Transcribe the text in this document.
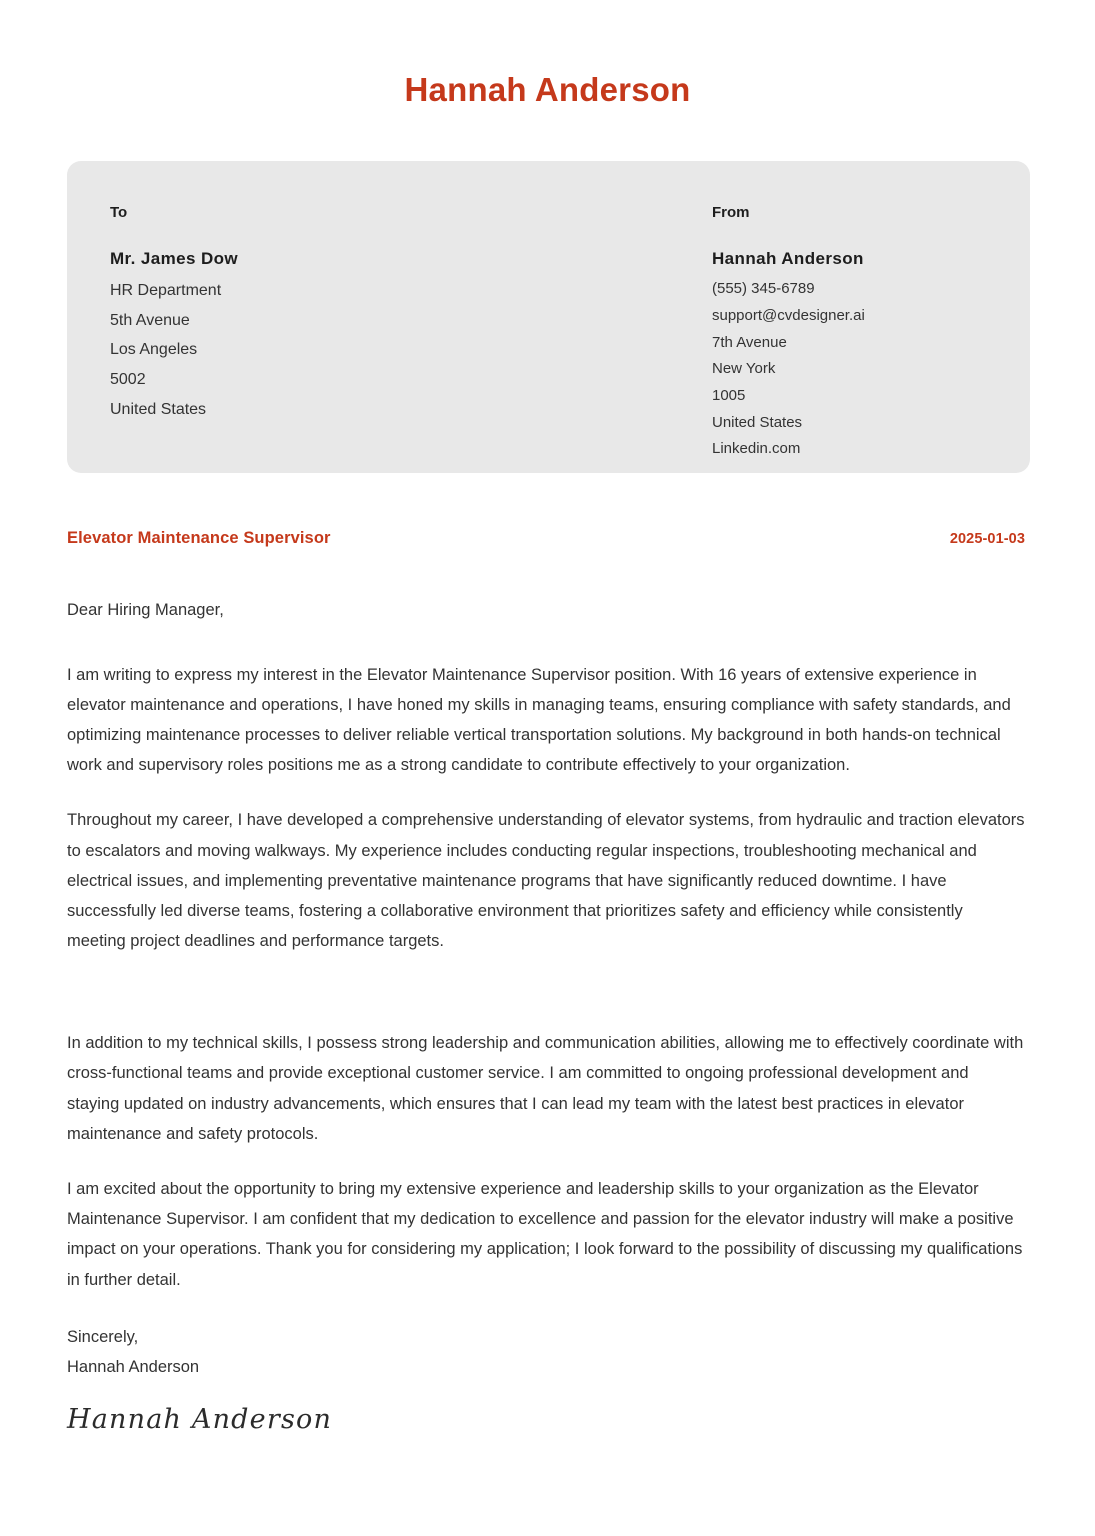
Hannah Anderson
To
Mr. James Dow
HR Department
5th Avenue
Los Angeles
5002
United States
From
Hannah Anderson
(555) 345-6789
support@cvdesigner.ai
7th Avenue
New York
1005
United States
Linkedin.com
Elevator Maintenance Supervisor	2025-01-03
Dear Hiring Manager,

I am writing to express my interest in the Elevator Maintenance Supervisor position. With 16 years of extensive experience in elevator maintenance and operations, I have honed my skills in managing teams, ensuring compliance with safety standards, and optimizing maintenance processes to deliver reliable vertical transportation solutions. My background in both hands-on technical work and supervisory roles positions me as a strong candidate to contribute effectively to your organization.

Throughout my career, I have developed a comprehensive understanding of elevator systems, from hydraulic and traction elevators to escalators and moving walkways. My experience includes conducting regular inspections, troubleshooting mechanical and electrical issues, and implementing preventative maintenance programs that have significantly reduced downtime. I have successfully led diverse teams, fostering a collaborative environment that prioritizes safety and efficiency while consistently meeting project deadlines and performance targets.

In addition to my technical skills, I possess strong leadership and communication abilities, allowing me to effectively coordinate with cross-functional teams and provide exceptional customer service. I am committed to ongoing professional development and staying updated on industry advancements, which ensures that I can lead my team with the latest best practices in elevator maintenance and safety protocols.

I am excited about the opportunity to bring my extensive experience and leadership skills to your organization as the Elevator Maintenance Supervisor. I am confident that my dedication to excellence and passion for the elevator industry will make a positive impact on your operations. Thank you for considering my application; I look forward to the possibility of discussing my qualifications in further detail.

Sincerely,
Hannah Anderson
Hannah Anderson
